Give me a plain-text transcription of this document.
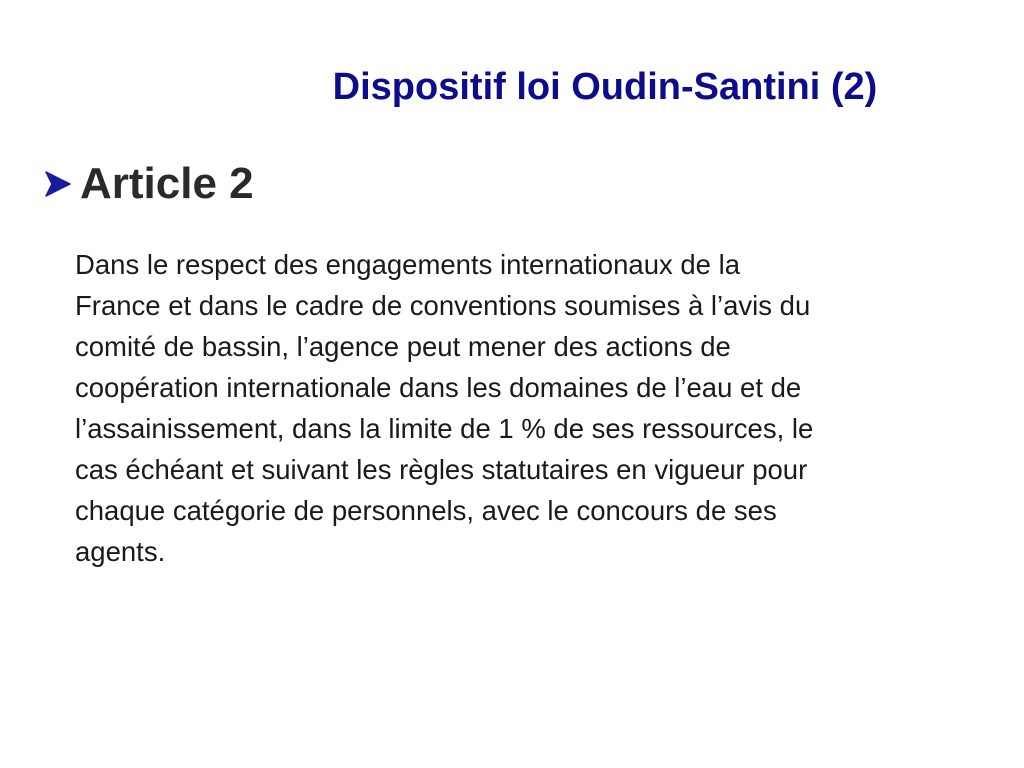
Dispositif loi Oudin-Santini (2)
Article 2
Dans le respect des engagements internationaux de la
France et dans le cadre de conventions soumises à l’avis du
comité de bassin, l’agence peut mener des actions de
coopération internationale dans les domaines de l’eau et de
l’assainissement, dans la limite de 1 % de ses ressources, le
cas échéant et suivant les règles statutaires en vigueur pour
chaque catégorie de personnels, avec le concours de ses
agents.
